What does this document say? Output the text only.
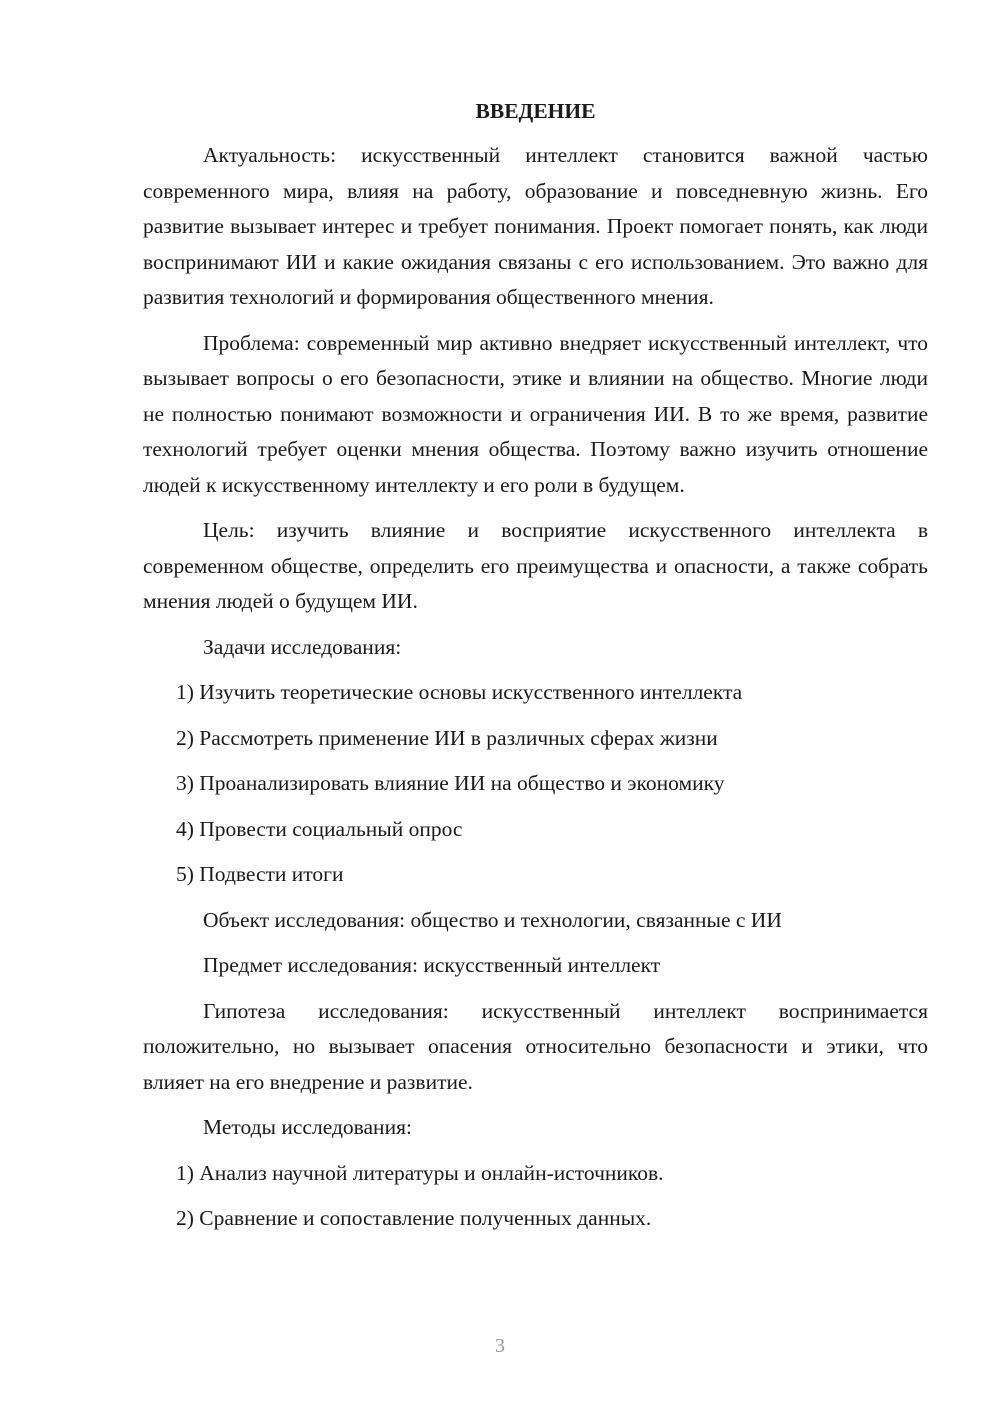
ВВЕДЕНИЕ

Актуальность: искусственный интеллект становится важной частью современного мира, влияя на работу, образование и повседневную жизнь. Его развитие вызывает интерес и требует понимания. Проект помогает понять, как люди воспринимают ИИ и какие ожидания связаны с его использованием. Это важно для развития технологий и формирования общественного мнения.

Проблема: современный мир активно внедряет искусственный интеллект, что вызывает вопросы о его безопасности, этике и влиянии на общество. Многие люди не полностью понимают возможности и ограничения ИИ. В то же время, развитие технологий требует оценки мнения общества. Поэтому важно изучить отношение людей к искусственному интеллекту и его роли в будущем.

Цель: изучить влияние и восприятие искусственного интеллекта в современном обществе, определить его преимущества и опасности, а также собрать мнения людей о будущем ИИ.

Задачи исследования:
1) Изучить теоретические основы искусственного интеллекта
2) Рассмотреть применение ИИ в различных сферах жизни
3) Проанализировать влияние ИИ на общество и экономику
4) Провести социальный опрос
5) Подвести итоги
Объект исследования: общество и технологии, связанные с ИИ
Предмет исследования: искусственный интеллект

Гипотеза исследования: искусственный интеллект воспринимается положительно, но вызывает опасения относительно безопасности и этики, что влияет на его внедрение и развитие.

Методы исследования:
1) Анализ научной литературы и онлайн-источников.
2) Сравнение и сопоставление полученных данных.
3
